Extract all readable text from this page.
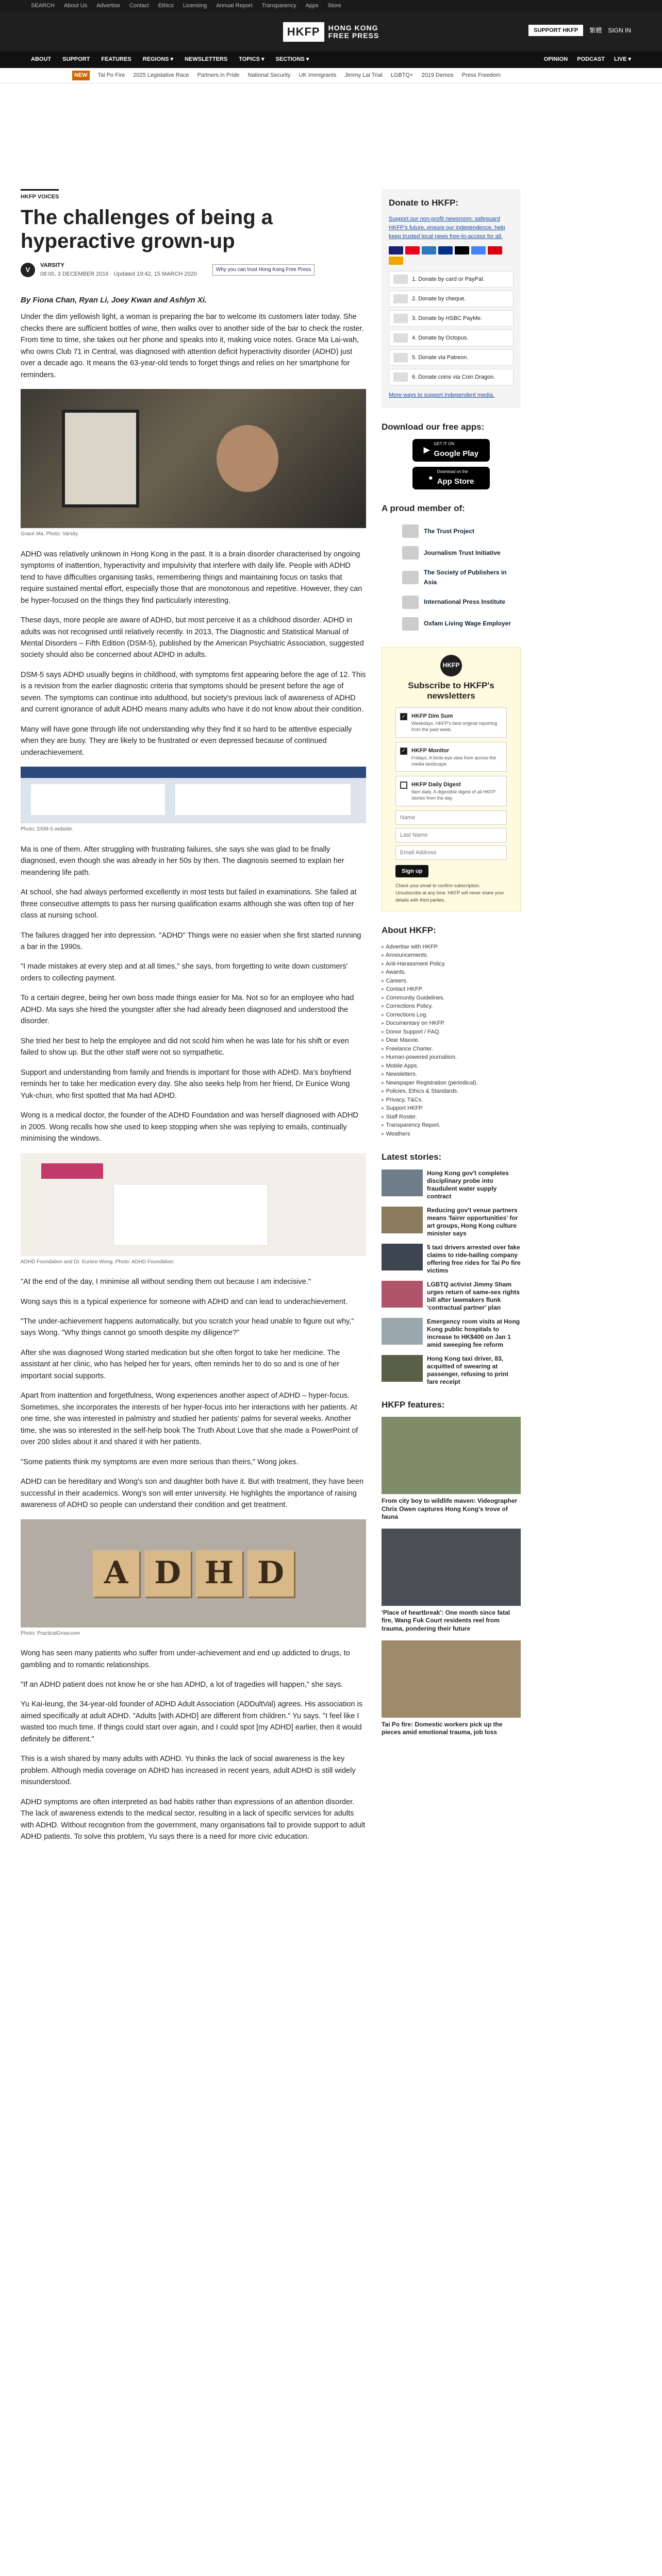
SEARCH About Us Advertise Contact Ethics Licensing Annual Report Transparency Apps Store
HKFP	HONG KONG
FREE PRESS
SUPPORT HKFP	繁體 SIGN IN
ABOUT SUPPORT FEATURES REGIONS ▾ NEWSLETTERS TOPICS ▾ SECTIONS ▾	OPINION PODCAST LIVE ▾
NEW	Tai Po Fire 2025 Legislative Race Partners in Pride National Security UK Immigrants Jimmy Lai Trial LGBTQ+ 2019 Demos Press Freedom
HKFP VOICES
The challenges of being a hyperactive grown-up
V
VARSITY
08:00, 3 DECEMBER 2016 · Updated 19:42, 15 MARCH 2020
Why you can trust Hong Kong Free Press
By Fiona Chan, Ryan Li, Joey Kwan and Ashlyn Xi.

Under the dim yellowish light, a woman is preparing the bar to welcome its customers later today. She checks there are sufficient bottles of wine, then walks over to another side of the bar to check the roster. From time to time, she takes out her phone and speaks into it, making voice notes. Grace Ma Lai-wah, who owns Club 71 in Central, was diagnosed with attention deficit hyperactivity disorder (ADHD) just over a decade ago. It means the 63-year-old tends to forget things and relies on her smartphone for reminders.

Grace Ma. Photo: Varsity.

ADHD was relatively unknown in Hong Kong in the past. It is a brain disorder characterised by ongoing symptoms of inattention, hyperactivity and impulsivity that interfere with daily life. People with ADHD tend to have difficulties organising tasks, remembering things and maintaining focus on tasks that require sustained mental effort, especially those that are monotonous and repetitive. However, they can be hyper-focused on the things they find particularly interesting.

These days, more people are aware of ADHD, but most perceive it as a childhood disorder. ADHD in adults was not recognised until relatively recently. In 2013, The Diagnostic and Statistical Manual of Mental Disorders – Fifth Edition (DSM-5), published by the American Psychiatric Association, suggested society should also be concerned about ADHD in adults.

DSM-5 says ADHD usually begins in childhood, with symptoms first appearing before the age of 12. This is a revision from the earlier diagnostic criteria that symptoms should be present before the age of seven. The symptoms can continue into adulthood, but society's previous lack of awareness of ADHD and current ignorance of adult ADHD means many adults who have it do not know about their condition.

Many will have gone through life not understanding why they find it so hard to be attentive especially when they are busy. They are likely to be frustrated or even depressed because of continued underachievement.

Photo: DSM-5 website.

Ma is one of them. After struggling with frustrating failures, she says she was glad to be finally diagnosed, even though she was already in her 50s by then. The diagnosis seemed to explain her meandering life path.

At school, she had always performed excellently in most tests but failed in examinations. She failed at three consecutive attempts to pass her nursing qualification exams although she was often top of her class at nursing school.

The failures dragged her into depression. "ADHD" Things were no easier when she first started running a bar in the 1990s.

"I made mistakes at every step and at all times," she says, from forgetting to write down customers' orders to collecting payment.

To a certain degree, being her own boss made things easier for Ma. Not so for an employee who had ADHD. Ma says she hired the youngster after she had already been diagnosed and understood the disorder.

She tried her best to help the employee and did not scold him when he was late for his shift or even failed to show up. But the other staff were not so sympathetic.

Support and understanding from family and friends is important for those with ADHD. Ma's boyfriend reminds her to take her medication every day. She also seeks help from her friend, Dr Eunice Wong Yuk-chun, who first spotted that Ma had ADHD.

Wong is a medical doctor, the founder of the ADHD Foundation and was herself diagnosed with ADHD in 2005. Wong recalls how she used to keep stopping when she was replying to emails, continually minimising the windows.

ADHD Foundation and Dr. Eunice Wong. Photo: ADHD Foundation.

"At the end of the day, I minimise all without sending them out because I am indecisive."

Wong says this is a typical experience for someone with ADHD and can lead to underachievement.

"The under-achievement happens automatically, but you scratch your head unable to figure out why," says Wong. "Why things cannot go smooth despite my diligence?"

After she was diagnosed Wong started medication but she often forgot to take her medicine. The assistant at her clinic, who has helped her for years, often reminds her to do so and is one of her important social supports.

Apart from inattention and forgetfulness, Wong experiences another aspect of ADHD – hyper-focus. Sometimes, she incorporates the interests of her hyper-focus into her interactions with her patients. At one time, she was interested in palmistry and studied her patients' palms for several weeks. Another time, she was so interested in the self-help book The Truth About Love that she made a PowerPoint of over 200 slides about it and shared it with her patients.

"Some patients think my symptoms are even more serious than theirs," Wong jokes.

ADHD can be hereditary and Wong's son and daughter both have it. But with treatment, they have been successful in their academics. Wong's son will enter university. He highlights the importance of raising awareness of ADHD so people can understand their condition and get treatment.

A D H D
Photo: PracticalGrow.com

Wong has seen many patients who suffer from under-achievement and end up addicted to drugs, to gambling and to romantic relationships.

"If an ADHD patient does not know he or she has ADHD, a lot of tragedies will happen," she says.

Yu Kai-leung, the 34-year-old founder of ADHD Adult Association (ADDultVal) agrees. His association is aimed specifically at adult ADHD. "Adults [with ADHD] are different from children." Yu says. "I feel like I wasted too much time. If things could start over again, and I could spot [my ADHD] earlier, then it would definitely be different."

This is a wish shared by many adults with ADHD. Yu thinks the lack of social awareness is the key problem. Although media coverage on ADHD has increased in recent years, adult ADHD is still widely misunderstood.

ADHD symptoms are often interpreted as bad habits rather than expressions of an attention disorder. The lack of awareness extends to the medical sector, resulting in a lack of specific services for adults with ADHD. Without recognition from the government, many organisations fail to provide support to adult ADHD patients. To solve this problem, Yu says there is a need for more civic education.

Donate to HKFP:
Support our non-profit newsroom: safeguard HKFP's future, ensure our independence, help keep trusted local news free-to-access for all.
1. Donate by card or PayPal.
2. Donate by cheque.
3. Donate by HSBC PayMe.
4. Donate by Octopus.
5. Donate via Patreon.
6. Donate coins via Coin Dragon.
More ways to support independent media.
Download our free apps:
▶
GET IT ON
Google Play
●
Download on the
App Store
A proud member of:
The Trust Project
Journalism Trust Initiative
The Society of Publishers in Asia
International Press Institute
Oxfam Living Wage Employer
HKFP
Subscribe to HKFP's newsletters
✓ HKFP Dim Sum
Weekdays. HKFP's best original reporting from the past week.
✓ HKFP Monitor
Fridays. A birds-eye view from across the media landscape.
HKFP Daily Digest
9am daily. A digestible digest of all HKFP stories from the day.
Name Last Name Email Address Sign up
Check your email to confirm subscription. Unsubscribe at any time. HKFP will never share your details with third parties.
About HKFP:
▸ Advertise with HKFP.
▸ Announcements.
▸ Anti-Harassment Policy.
▸ Awards.
▸ Careers.
▸ Contact HKFP.
▸ Community Guidelines.
▸ Corrections Policy.
▸ Corrections Log.
▸ Documentary on HKFP.
▸ Donor Support / FAQ.
▸ Dear Maxxie.
▸ Freelance Charter.
▸ Human-powered journalism.
▸ Mobile Apps.
▸ Newsletters.
▸ Newspaper Registration (periodical).
▸ Policies, Ethics & Standards.
▸ Privacy, T&Cs.
▸ Support HKFP.
▸ Staff Roster.
▸ Transparency Report.
▸ Weathers
Latest stories:
Hong Kong gov't completes disciplinary probe into fraudulent water supply contract
Reducing gov't venue partners means 'fairer opportunities' for art groups, Hong Kong culture minister says
5 taxi drivers arrested over fake claims to ride-hailing company offering free rides for Tai Po fire victims
LGBTQ activist Jimmy Sham urges return of same-sex rights bill after lawmakers flunk 'contractual partner' plan
Emergency room visits at Hong Kong public hospitals to increase to HK$400 on Jan 1 amid sweeping fee reform
Hong Kong taxi driver, 83, acquitted of swearing at passenger, refusing to print fare receipt
HKFP features:
From city boy to wildlife maven: Videographer Chris Owen captures Hong Kong's trove of fauna
'Place of heartbreak': One month since fatal fire, Wang Fuk Court residents reel from trauma, pondering their future
Tai Po fire: Domestic workers pick up the pieces amid emotional trauma, job loss
